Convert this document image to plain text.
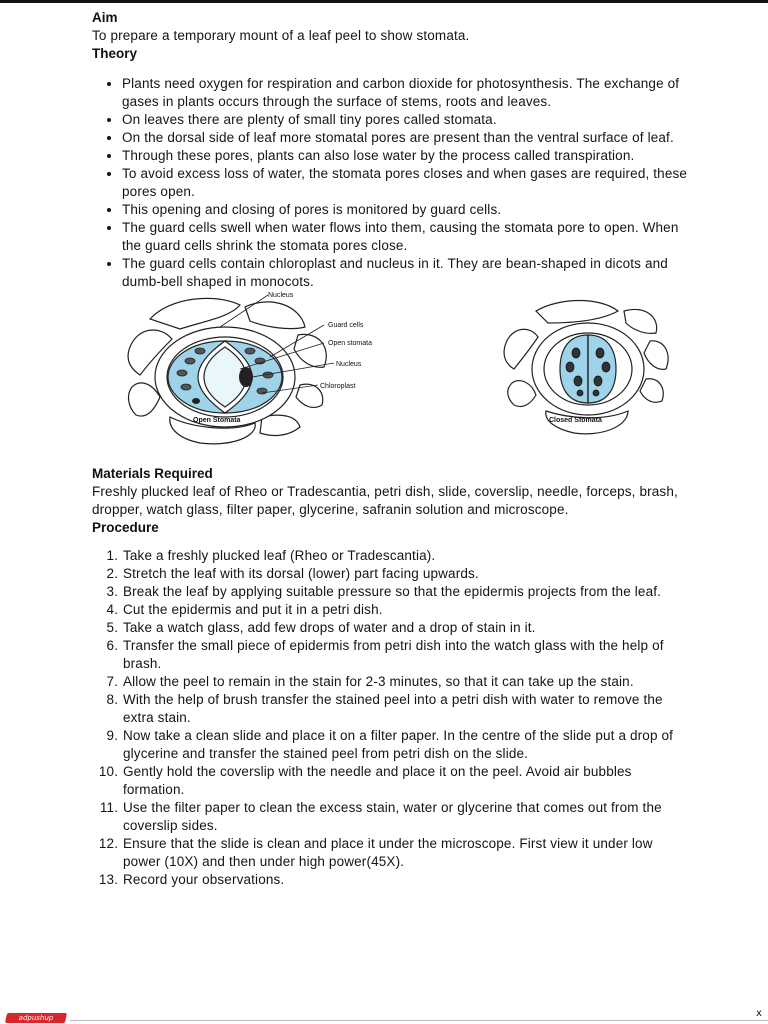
Aim

To prepare a temporary mount of a leaf peel to show stomata.

Theory
• Plants need oxygen for respiration and carbon dioxide for photosynthesis. The exchange of gases in plants occurs through the surface of stems, roots and leaves.
• On leaves there are plenty of small tiny pores called stomata.
• On the dorsal side of leaf more stomatal pores are present than the ventral surface of leaf.
• Through these pores, plants can also lose water by the process called transpiration.
• To avoid excess loss of water, the stomata pores closes and when gases are required, these pores open.
• This opening and closing of pores is monitored by guard cells.
• The guard cells swell when water flows into them, causing the stomata pore to open. When the guard cells shrink the stomata pores close.
• The guard cells contain chloroplast and nucleus in it. They are bean-shaped in dicots and dumb-bell shaped in monocots.
Nucleus
Guard cells
Open stomata
Nucleus
Chloroplast
Open Stomata	Closed Stomata
Materials Required

Freshly plucked leaf of Rheo or Tradescantia, petri dish, slide, coverslip, needle, forceps, brash, dropper, watch glass, filter paper, glycerine, safranin solution and microscope.

Procedure
1. Take a freshly plucked leaf (Rheo or Tradescantia).
2. Stretch the leaf with its dorsal (lower) part facing upwards.
3. Break the leaf by applying suitable pressure so that the epidermis projects from the leaf.
4. Cut the epidermis and put it in a petri dish.
5. Take a watch glass, add few drops of water and a drop of stain in it.
6. Transfer the small piece of epidermis from petri dish into the watch glass with the help of brash.
7. Allow the peel to remain in the stain for 2-3 minutes, so that it can take up the stain.
8. With the help of brush transfer the stained peel into a petri dish with water to remove the extra stain.
9. Now take a clean slide and place it on a filter paper. In the centre of the slide put a drop of glycerine and transfer the stained peel from petri dish on the slide.
10. Gently hold the coverslip with the needle and place it on the peel. Avoid air bubbles formation.
11. Use the filter paper to clean the excess stain, water or glycerine that comes out from the coverslip sides.
12. Ensure that the slide is clean and place it under the microscope. First view it under low power (10X) and then under high power(45X).
13. Record your observations.
adpushup	x
